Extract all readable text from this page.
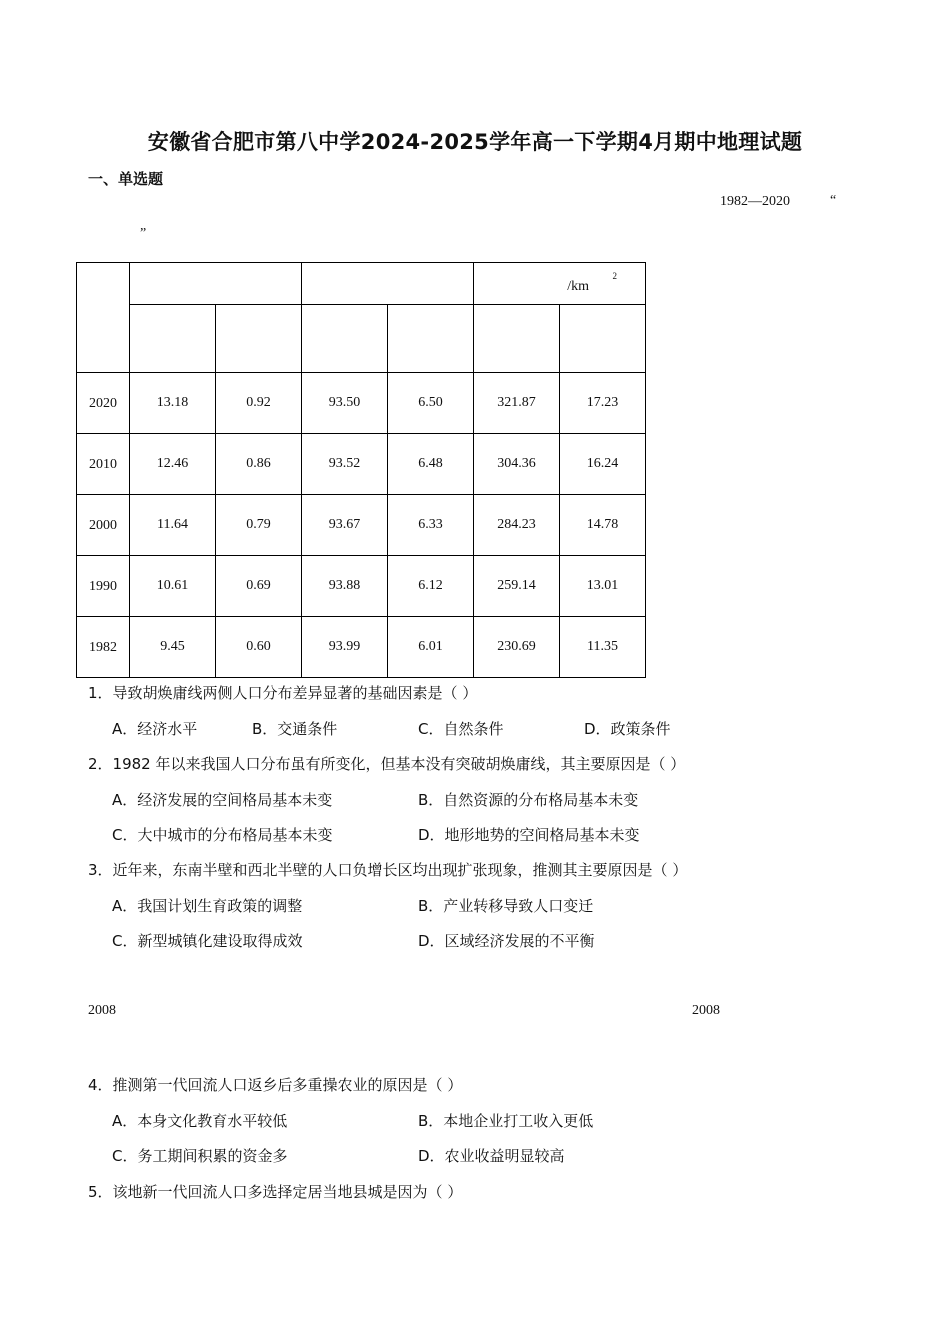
安徽省合肥市第八中学2024-2025学年高一下学期4月期中地理试题
一、单选题
1982—2020	“
”

					/km
$^2$

2020	13.18	0.92	93.50	6.50	321.87	17.23
2010	12.46	0.86	93.52	6.48	304.36	16.24
2000	11.64	0.79	93.67	6.33	284.23	14.78
1990	10.61	0.69	93.88	6.12	259.14	13.01
1982	9.45	0.60	93.99	6.01	230.69	11.35
1．导致胡焕庸线两侧人口分布差异显著的基础因素是（ ）
A．经济水平	B．交通条件	C．自然条件	D．政策条件
2．1982 年以来我国人口分布虽有所变化，但基本没有突破胡焕庸线，其主要原因是（ ）
A．经济发展的空间格局基本未变	B．自然资源的分布格局基本未变
C．大中城市的分布格局基本未变	D．地形地势的空间格局基本未变
3．近年来，东南半壁和西北半壁的人口负增长区均出现扩张现象，推测其主要原因是（ ）
A．我国计划生育政策的调整	B．产业转移导致人口变迁
C．新型城镇化建设取得成效	D．区域经济发展的不平衡
2008	2008
4．推测第一代回流人口返乡后多重操农业的原因是（ ）
A．本身文化教育水平较低	B．本地企业打工收入更低
C．务工期间积累的资金多	D．农业收益明显较高
5．该地新一代回流人口多选择定居当地县城是因为（ ）
